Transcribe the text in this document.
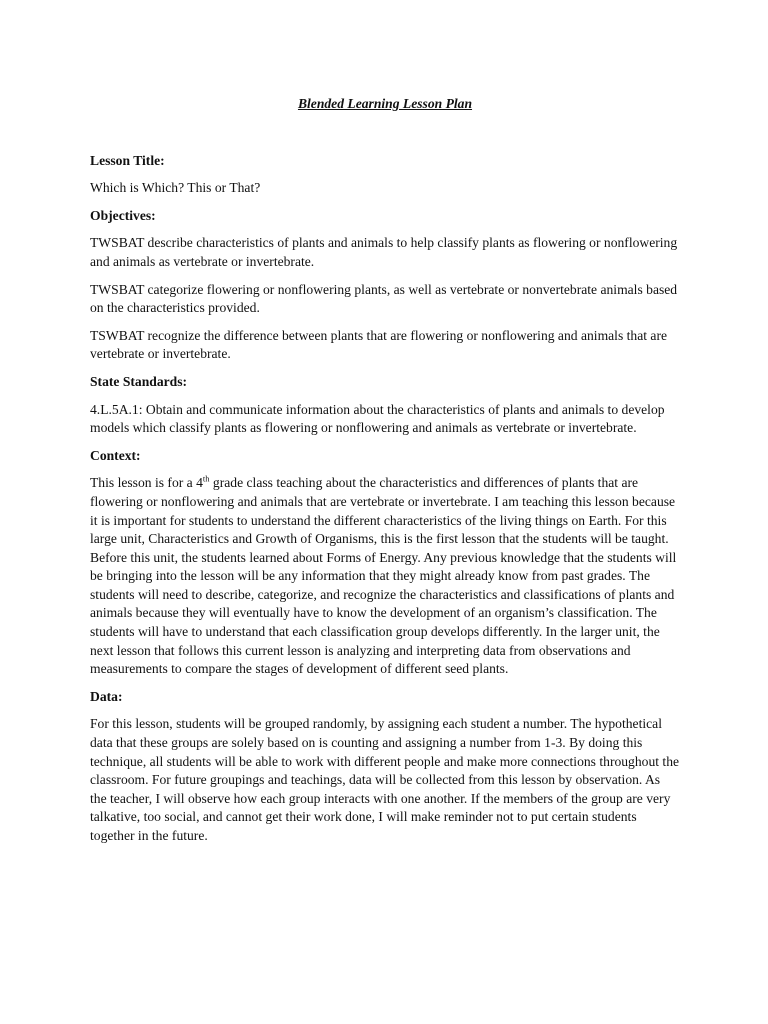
Blended Learning Lesson Plan

Lesson Title:

Which is Which? This or That?

Objectives:

TWSBAT describe characteristics of plants and animals to help classify plants as flowering or nonflowering and animals as vertebrate or invertebrate.

TWSBAT categorize flowering or nonflowering plants, as well as vertebrate or nonvertebrate animals based on the characteristics provided.

TSWBAT recognize the difference between plants that are flowering or nonflowering and animals that are vertebrate or invertebrate.

State Standards:

4.L.5A.1: Obtain and communicate information about the characteristics of plants and animals to develop models which classify plants as flowering or nonflowering and animals as vertebrate or invertebrate.

Context:

This lesson is for a 4th grade class teaching about the characteristics and differences of plants that are flowering or nonflowering and animals that are vertebrate or invertebrate. I am teaching this lesson because it is important for students to understand the different characteristics of the living things on Earth. For this large unit, Characteristics and Growth of Organisms, this is the first lesson that the students will be taught. Before this unit, the students learned about Forms of Energy. Any previous knowledge that the students will be bringing into the lesson will be any information that they might already know from past grades. The students will need to describe, categorize, and recognize the characteristics and classifications of plants and animals because they will eventually have to know the development of an organism’s classification. The students will have to understand that each classification group develops differently. In the larger unit, the next lesson that follows this current lesson is analyzing and interpreting data from observations and measurements to compare the stages of development of different seed plants.

Data:

For this lesson, students will be grouped randomly, by assigning each student a number. The hypothetical data that these groups are solely based on is counting and assigning a number from 1-3. By doing this technique, all students will be able to work with different people and make more connections throughout the classroom. For future groupings and teachings, data will be collected from this lesson by observation. As the teacher, I will observe how each group interacts with one another. If the members of the group are very talkative, too social, and cannot get their work done, I will make reminder not to put certain students together in the future.
